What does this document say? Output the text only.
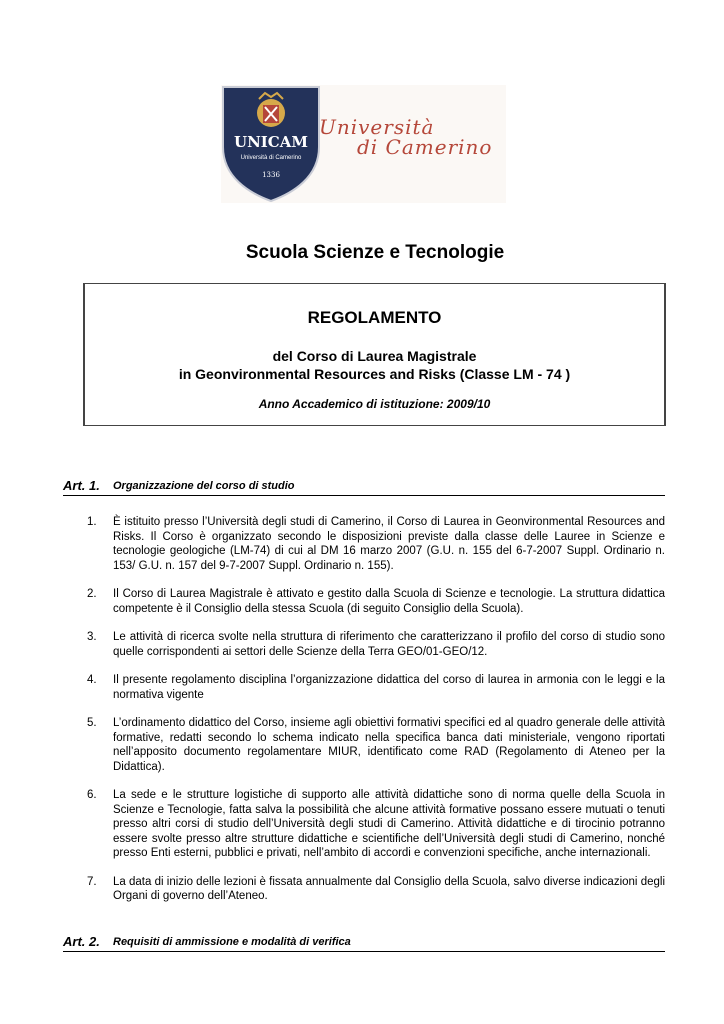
UNICAM
Università di Camerino
1336
Università
di Camerino
Scuola Scienze e Tecnologie
REGOLAMENTO
del Corso di Laurea Magistrale
in Geonvironmental Resources and Risks (Classe LM - 74 )
Anno Accademico di istituzione: 2009/10
Art. 1. Organizzazione del corso di studio
1. È istituito presso l’Università degli studi di Camerino, il Corso di Laurea in Geonvironmental Resources and Risks. Il Corso è organizzato secondo le disposizioni previste dalla classe delle Lauree in Scienze e tecnologie geologiche (LM-74) di cui al DM 16 marzo 2007 (G.U. n. 155 del 6-7-2007 Suppl. Ordinario n. 153/ G.U. n. 157 del 9-7-2007 Suppl. Ordinario n. 155).
2. Il Corso di Laurea Magistrale è attivato e gestito dalla Scuola di Scienze e tecnologie. La struttura didattica competente è il Consiglio della stessa Scuola (di seguito Consiglio della Scuola).
3. Le attività di ricerca svolte nella struttura di riferimento che caratterizzano il profilo del corso di studio sono quelle corrispondenti ai settori delle Scienze della Terra GEO/01-GEO/12.
4. Il presente regolamento disciplina l’organizzazione didattica del corso di laurea in armonia con le leggi e la normativa vigente
5. L’ordinamento didattico del Corso, insieme agli obiettivi formativi specifici ed al quadro generale delle attività formative, redatti secondo lo schema indicato nella specifica banca dati ministeriale, vengono riportati nell’apposito documento regolamentare MIUR, identificato come RAD (Regolamento di Ateneo per la Didattica).
6. La sede e le strutture logistiche di supporto alle attività didattiche sono di norma quelle della Scuola in Scienze e Tecnologie, fatta salva la possibilità che alcune attività formative possano essere mutuati o tenuti presso altri corsi di studio dell’Università degli studi di Camerino. Attività didattiche e di tirocinio potranno essere svolte presso altre strutture didattiche e scientifiche dell’Università degli studi di Camerino, nonché presso Enti esterni, pubblici e privati, nell’ambito di accordi e convenzioni specifiche, anche internazionali.
7. La data di inizio delle lezioni è fissata annualmente dal Consiglio della Scuola, salvo diverse indicazioni degli Organi di governo dell’Ateneo.
Art. 2. Requisiti di ammissione e modalità di verifica
